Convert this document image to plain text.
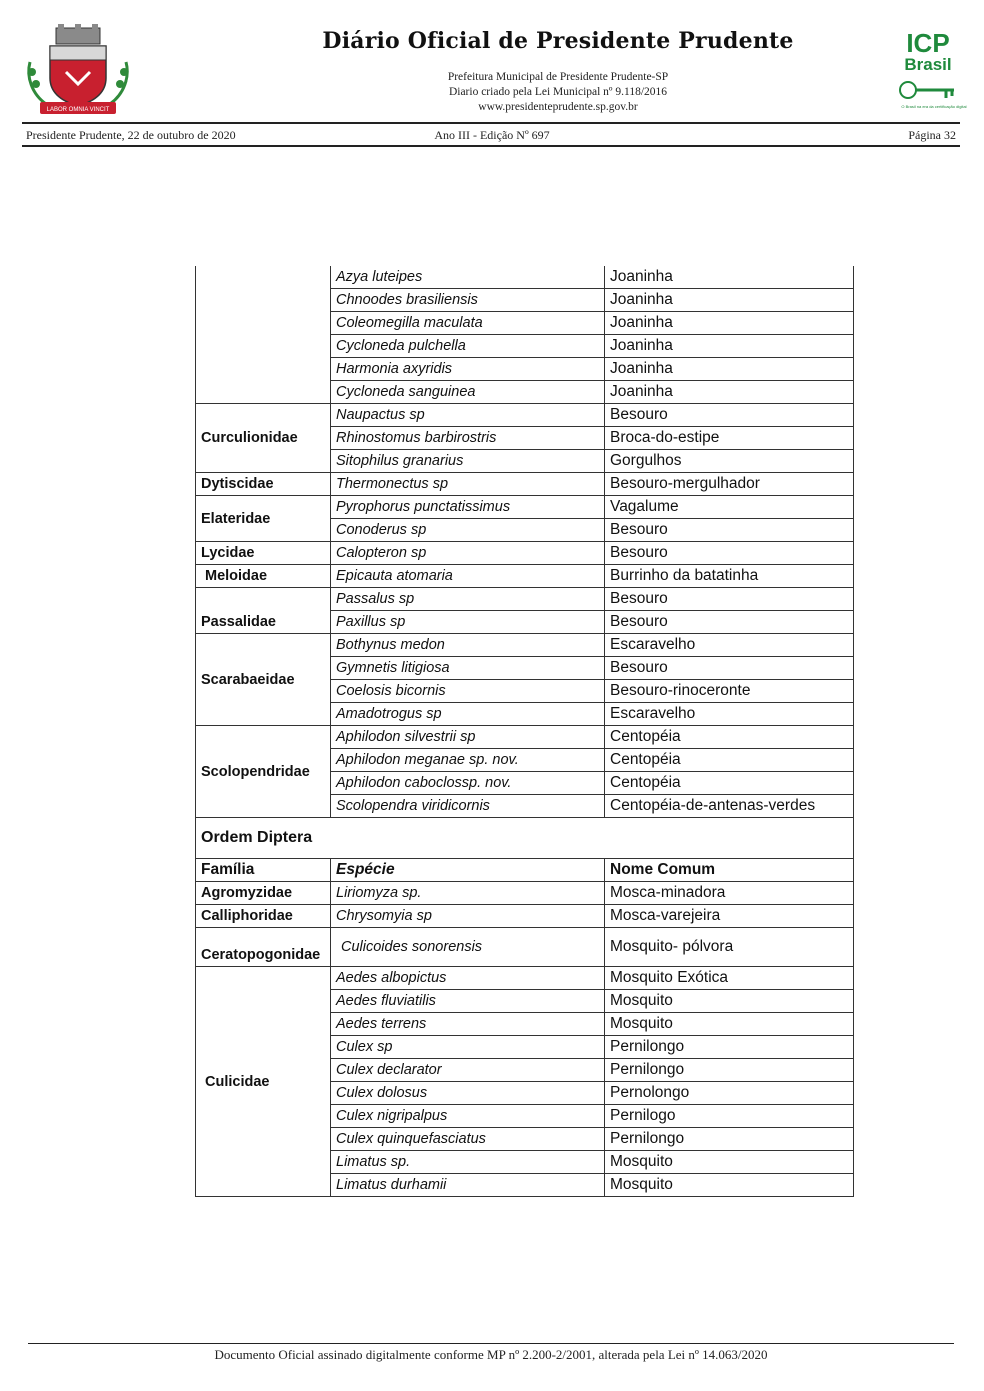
LABOR OMNIA VINCIT
Diário Oficial de Presidente Prudente
Prefeitura Municipal de Presidente Prudente-SP
Diario criado pela Lei Municipal nº 9.118/2016
www.presidenteprudente.sp.gov.br
ICP
Brasil
O Brasil na era da certificação digital
Presidente Prudente, 22 de outubro de 2020	Ano III - Edição Nº 697	Página 32
	Azya luteipes	Joaninha
	Chnoodes brasiliensis	Joaninha
	Coleomegilla maculata	Joaninha
	Cycloneda pulchella	Joaninha
	Harmonia axyridis	Joaninha
	Cycloneda sanguinea	Joaninha
Curculionidae	Naupactus sp	Besouro
	Rhinostomus barbirostris	Broca-do-estipe
	Sitophilus granarius	Gorgulhos
Dytiscidae	Thermonectus sp	Besouro-mergulhador
Elateridae	Pyrophorus punctatissimus	Vagalume
	Conoderus sp	Besouro
Lycidae	Calopteron sp	Besouro
Meloidae	Epicauta atomaria	Burrinho da batatinha
Passalidae	Passalus sp	Besouro
	Paxillus sp	Besouro
Scarabaeidae	Bothynus medon	Escaravelho
	Gymnetis litigiosa	Besouro
	Coelosis bicornis	Besouro-rinoceronte
	Amadotrogus sp	Escaravelho
Scolopendridae	Aphilodon silvestrii sp	Centopéia
	Aphilodon meganae sp. nov.	Centopéia
	Aphilodon caboclossp. nov.	Centopéia
	Scolopendra viridicornis	Centopéia-de-antenas-verdes
Ordem Diptera		
Família	Espécie	Nome Comum
Agromyzidae	Liriomyza sp.	Mosca-minadora
Calliphoridae	Chrysomyia sp	Mosca-varejeira
Ceratopogonidae	Culicoides sonorensis	Mosquito- pólvora
Culicidae	Aedes albopictus	Mosquito Exótica
	Aedes fluviatilis	Mosquito
	Aedes terrens	Mosquito
	Culex sp	Pernilongo
	Culex declarator	Pernilongo
	Culex dolosus	Pernolongo
	Culex nigripalpus	Pernilogo
	Culex quinquefasciatus	Pernilongo
	Limatus sp.	Mosquito
	Limatus durhamii	Mosquito
Documento Oficial assinado digitalmente conforme MP nº 2.200-2/2001, alterada pela Lei nº 14.063/2020
